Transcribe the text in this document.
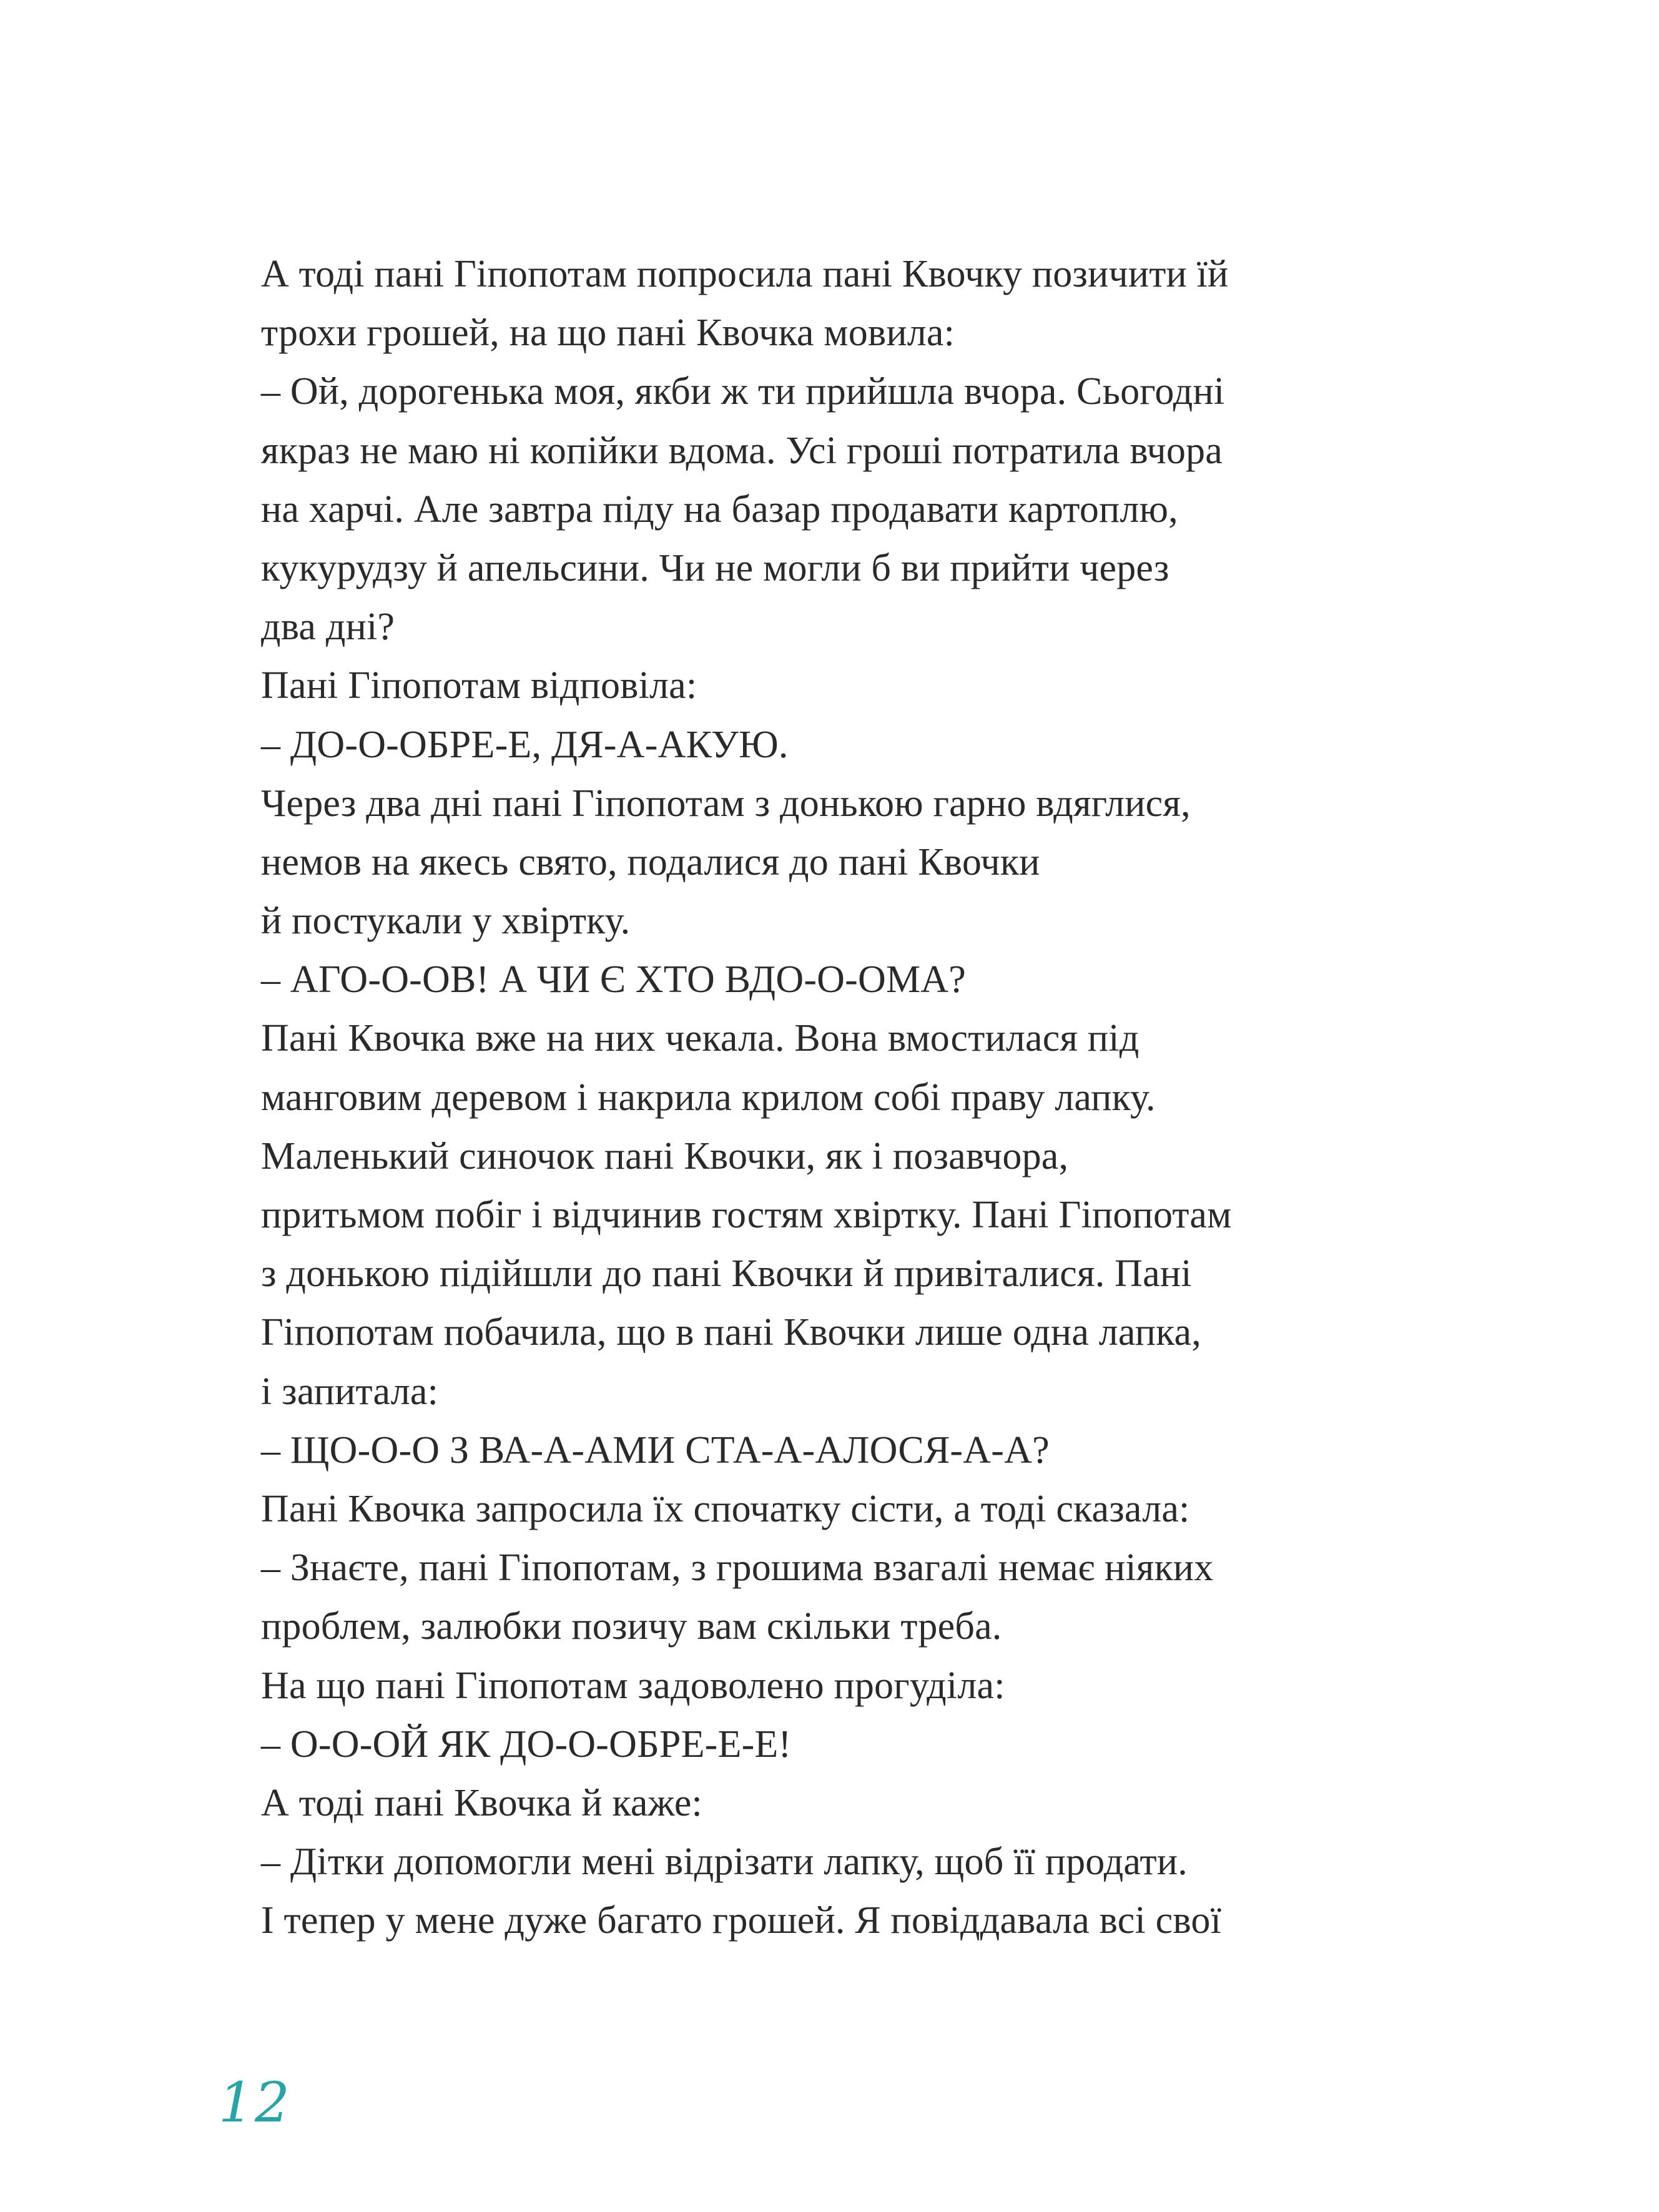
А тоді пані Гіпопотам попросила пані Квочку позичити їй
трохи грошей, на що пані Квочка мовила:
– Ой, дорогенька моя, якби ж ти прийшла вчора. Сьогодні
якраз не маю ні копійки вдома. Усі гроші потратила вчора
на харчі. Але завтра піду на базар продавати картоплю,
кукурудзу й апельсини. Чи не могли б ви прийти через
два дні?
Пані Гіпопотам відповіла:
– ДО-О-ОБРЕ-Е, ДЯ-А-АКУЮ.
Через два дні пані Гіпопотам з донькою гарно вдяглися,
немов на якесь свято, подалися до пані Квочки
й постукали у хвіртку.
– АГО-О-ОВ! А ЧИ Є ХТО ВДО-О-ОМА?
Пані Квочка вже на них чекала. Вона вмостилася під
манговим деревом і накрила крилом собі праву лапку.
Маленький синочок пані Квочки, як і позавчора,
притьмом побіг і відчинив гостям хвіртку. Пані Гіпопотам
з донькою підійшли до пані Квочки й привіталися. Пані
Гіпопотам побачила, що в пані Квочки лише одна лапка,
і запитала:
– ЩО-О-О З ВА-А-АМИ СТА-А-АЛОСЯ-А-А?
Пані Квочка запросила їх спочатку сісти, а тоді сказала:
– Знаєте, пані Гіпопотам, з грошима взагалі немає ніяких
проблем, залюбки позичу вам скільки треба.
На що пані Гіпопотам задоволено прогуділа:
– О-О-ОЙ ЯК ДО-О-ОБРЕ-Е-Е!
А тоді пані Квочка й каже:
– Дітки допомогли мені відрізати лапку, щоб її продати.
І тепер у мене дуже багато грошей. Я повіддавала всі свої
12
